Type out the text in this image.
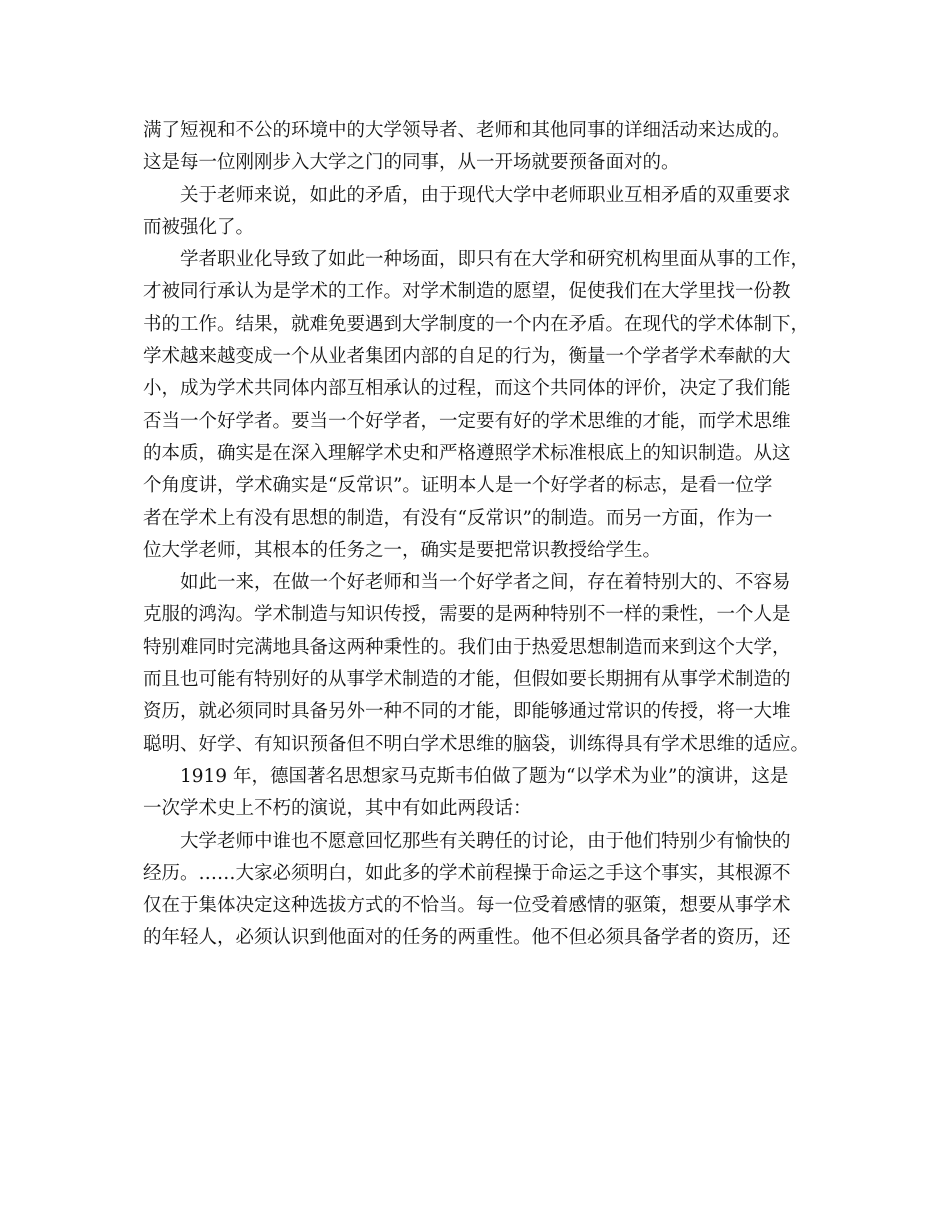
满了短视和不公的环境中的大学领导者、老师和其他同事的详细活动来达成的。
这是每一位刚刚步入大学之门的同事，从一开场就要预备面对的。
关于老师来说，如此的矛盾，由于现代大学中老师职业互相矛盾的双重要求
而被强化了。
学者职业化导致了如此一种场面，即只有在大学和研究机构里面从事的工作，
才被同行承认为是学术的工作。对学术制造的愿望，促使我们在大学里找一份教
书的工作。结果，就难免要遇到大学制度的一个内在矛盾。在现代的学术体制下，
学术越来越变成一个从业者集团内部的自足的行为，衡量一个学者学术奉献的大
小，成为学术共同体内部互相承认的过程，而这个共同体的评价，决定了我们能
否当一个好学者。要当一个好学者，一定要有好的学术思维的才能，而学术思维
的本质，确实是在深入理解学术史和严格遵照学术标准根底上的知识制造。从这
个角度讲，学术确实是“反常识”。证明本人是一个好学者的标志，是看一位学
者在学术上有没有思想的制造，有没有“反常识”的制造。而另一方面，作为一
位大学老师，其根本的任务之一，确实是要把常识教授给学生。
如此一来，在做一个好老师和当一个好学者之间，存在着特别大的、不容易
克服的鸿沟。学术制造与知识传授，需要的是两种特别不一样的秉性，一个人是
特别难同时完满地具备这两种秉性的。我们由于热爱思想制造而来到这个大学，
而且也可能有特别好的从事学术制造的才能，但假如要长期拥有从事学术制造的
资历，就必须同时具备另外一种不同的才能，即能够通过常识的传授，将一大堆
聪明、好学、有知识预备但不明白学术思维的脑袋，训练得具有学术思维的适应。
1919 年，德国著名思想家马克斯韦伯做了题为“以学术为业”的演讲，这是
一次学术史上不朽的演说，其中有如此两段话：
大学老师中谁也不愿意回忆那些有关聘任的讨论，由于他们特别少有愉快的
经历。……大家必须明白，如此多的学术前程操于命运之手这个事实，其根源不
仅在于集体决定这种选拔方式的不恰当。每一位受着感情的驱策，想要从事学术
的年轻人，必须认识到他面对的任务的两重性。他不但必须具备学者的资历，还
